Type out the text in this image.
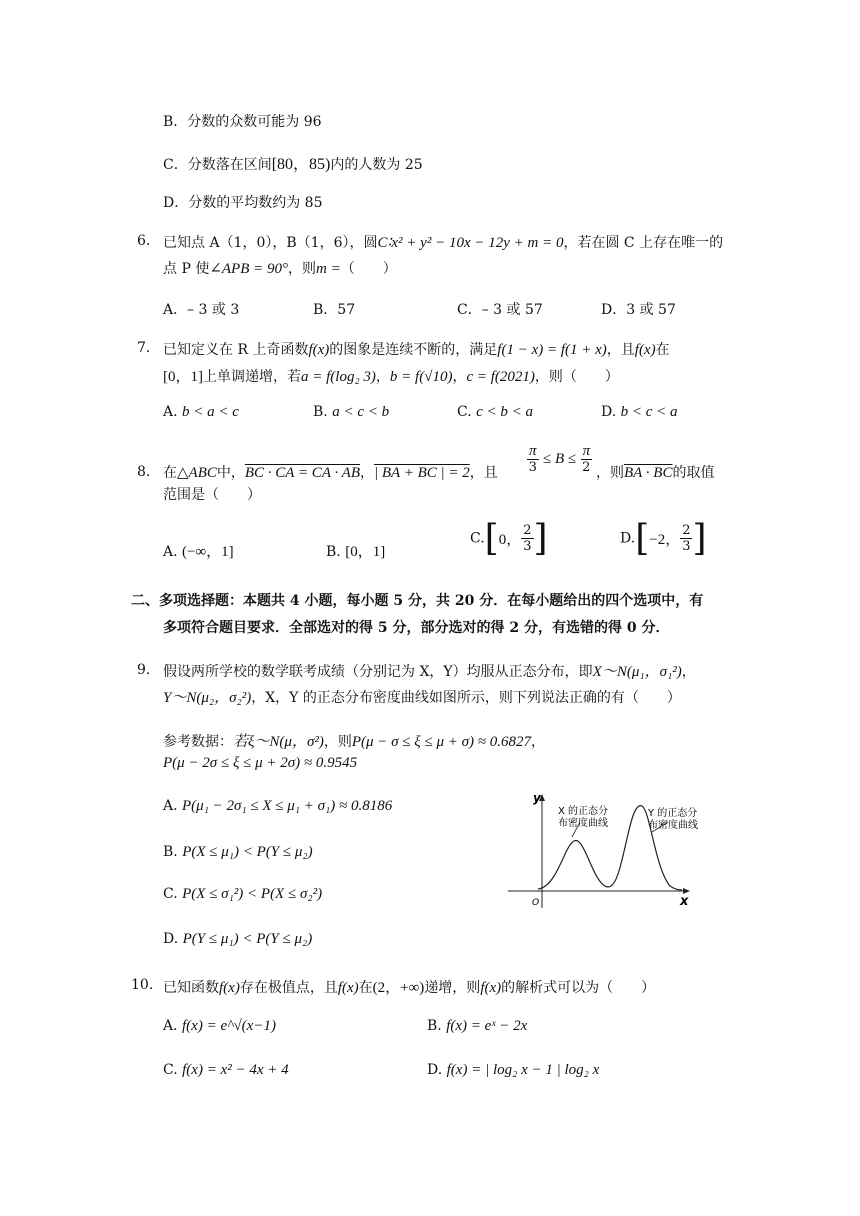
B．分数的众数可能为 96
C．分数落在区间[80，85)内的人数为 25
D．分数的平均数约为 85
6. 已知点 A（1，0），B（1，6），圆C∶x² + y² − 10x − 12y + m = 0，若在圆 C 上存在唯一的
点 P 使∠APB = 90°，则m =（　　）
A．– 3 或 3	B．57	C．– 3 或 57	D．3 或 57
7. 已知定义在 R 上奇函数f(x)的图象是连续不断的，满足f(1 − x) = f(1 + x)，且f(x)在
[0，1]上单调递增，若a = f(log₂ 3)，b = f(√10)，c = f(2021)，则（　　）
A. b < a < c	B. a < c < b	C. c < b < a	D. b < c < a
8. 在△ABC中，BC · CA = CA · AB，| BA + BC | = 2，且 $\frac{\pi}{3} \le B \le \frac{\pi}{2}$ ，则BA · BC的取值
范围是（　　）
A. (−∞，1]	B. [0，1]
C.[0， $\frac{2}{3}$ ]	D.[−2， $\frac{2}{3}$ ]
二、多项选择题：本题共 4 小题，每小题 5 分，共 20 分．在每小题给出的四个选项中，有
多项符合题目要求．全部选对的得 5 分，部分选对的得 2 分，有选错的得 0 分．
9. 假设两所学校的数学联考成绩（分别记为 X，Y）均服从正态分布，即X～N(μ₁，σ₁²)，
Y～N(μ₂，σ₂²)，X，Y 的正态分布密度曲线如图所示，则下列说法正确的有（　　）
参考数据：若ξ～N(μ，σ²)，则P(μ − σ ≤ ξ ≤ μ + σ) ≈ 0.6827，
P(μ − 2σ ≤ ξ ≤ μ + 2σ) ≈ 0.9545
A. P(μ₁ − 2σ₁ ≤ X ≤ μ₁ + σ₁) ≈ 0.8186
B. P(X ≤ μ₁) < P(Y ≤ μ₂)
C. P(X ≤ σ₁²) < P(X ≤ σ₂²)
D. P(Y ≤ μ₁) < P(Y ≤ μ₂)
y
x
O
X 的正态分
布密度曲线
Y 的正态分
布密度曲线
10. 已知函数f(x)存在极值点，且f(x)在(2，+∞)递增，则f(x)的解析式可以为（　　）
A. f(x) = e^√(x−1)	B. f(x) = eˣ − 2x
C. f(x) = x² − 4x + 4	D. f(x) = | log₂ x − 1 | log₂ x
